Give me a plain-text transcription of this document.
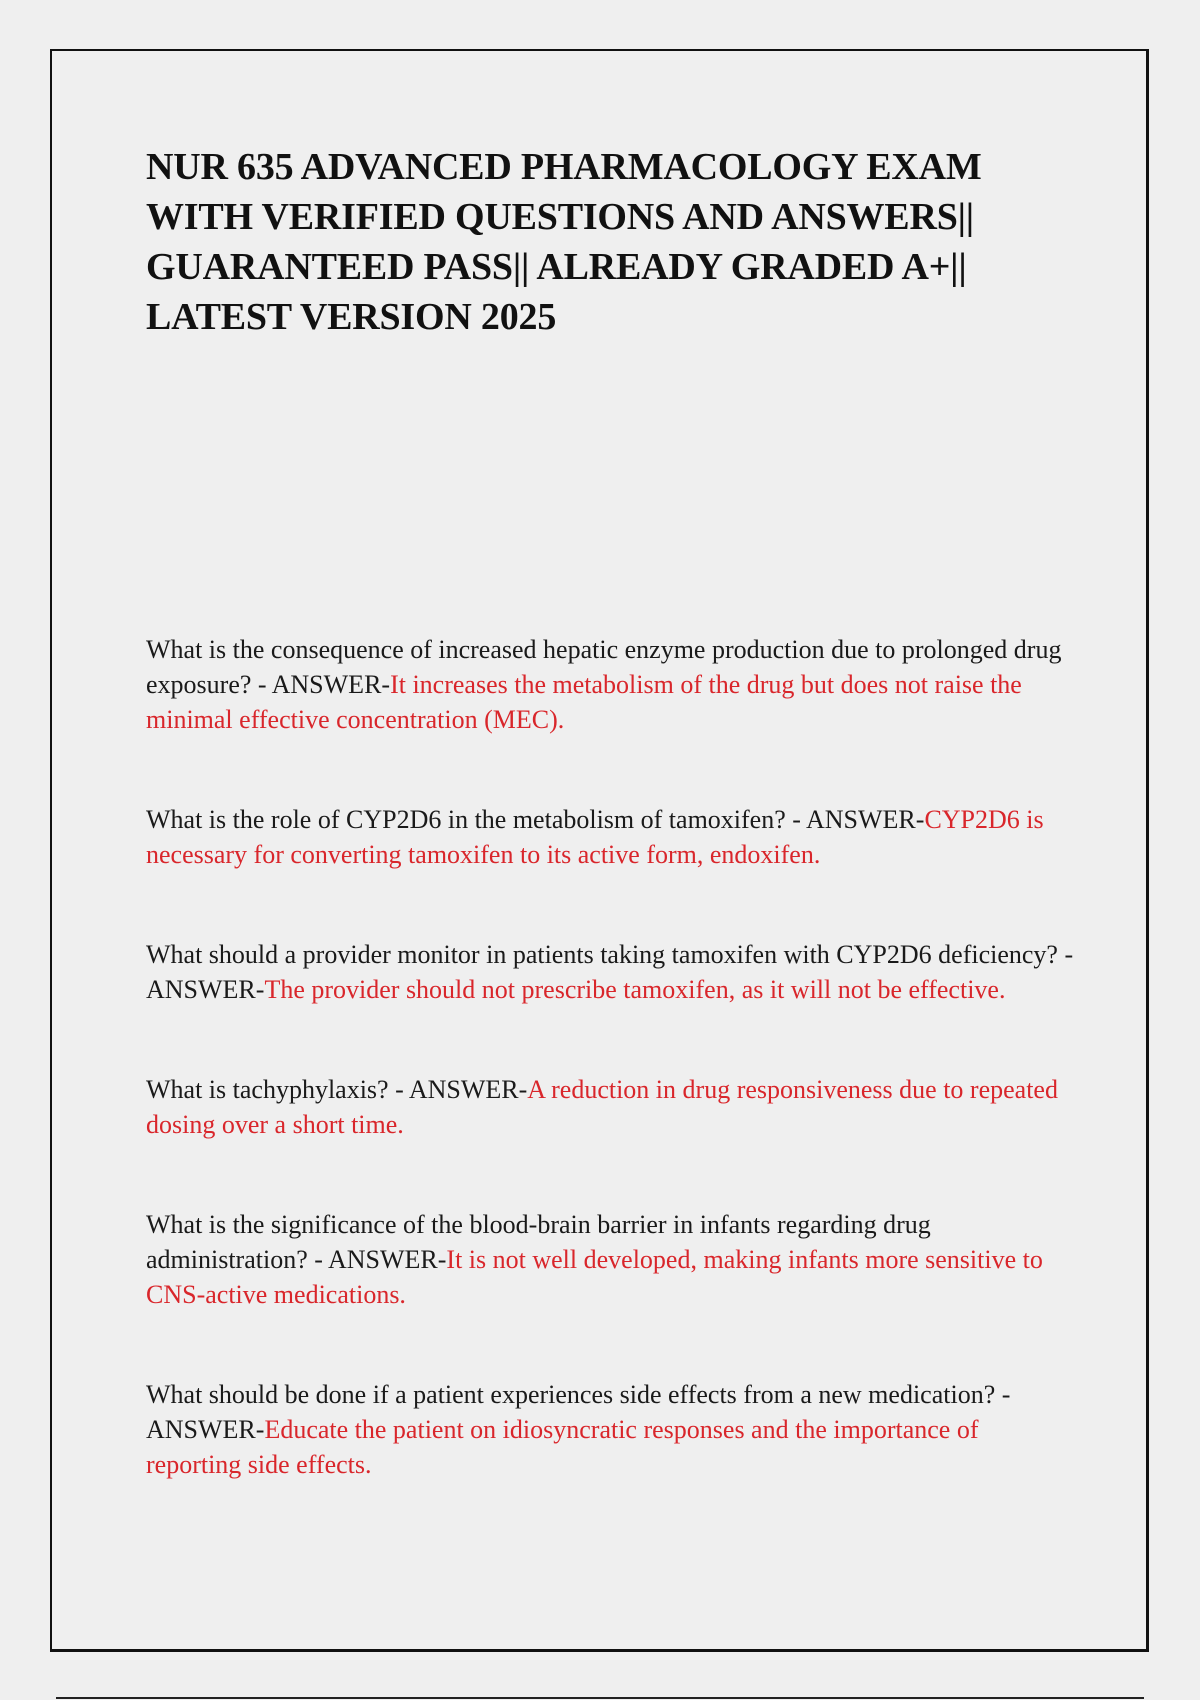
NUR 635 ADVANCED PHARMACOLOGY EXAM WITH VERIFIED QUESTIONS AND ANSWERS|| GUARANTEED PASS|| ALREADY GRADED A+|| LATEST VERSION 2025

What is the consequence of increased hepatic enzyme production due to prolonged drug exposure? - ANSWER-It increases the metabolism of the drug but does not raise the minimal effective concentration (MEC).

What is the role of CYP2D6 in the metabolism of tamoxifen? - ANSWER-CYP2D6 is necessary for converting tamoxifen to its active form, endoxifen.

What should a provider monitor in patients taking tamoxifen with CYP2D6 deficiency? - ANSWER-The provider should not prescribe tamoxifen, as it will not be effective.

What is tachyphylaxis? - ANSWER-A reduction in drug responsiveness due to repeated dosing over a short time.

What is the significance of the blood-brain barrier in infants regarding drug administration? - ANSWER-It is not well developed, making infants more sensitive to CNS-active medications.

What should be done if a patient experiences side effects from a new medication? - ANSWER-Educate the patient on idiosyncratic responses and the importance of reporting side effects.
